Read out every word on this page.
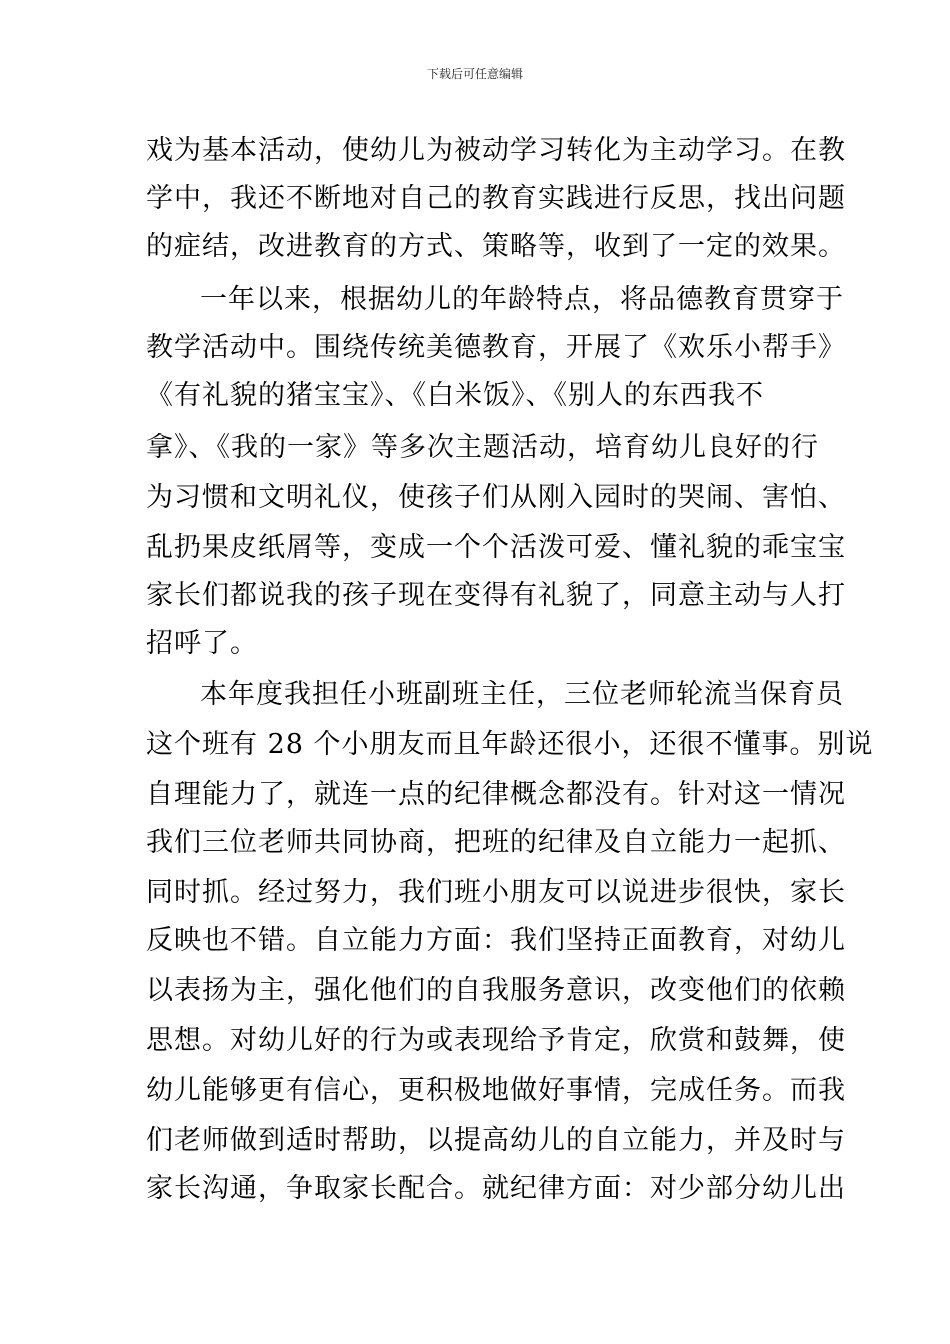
下载后可任意编辑
戏为基本活动，使幼儿为被动学习转化为主动学习。在教
学中，我还不断地对自己的教育实践进行反思，找出问题
的症结，改进教育的方式、策略等，收到了一定的效果。
一年以来，根据幼儿的年龄特点，将品德教育贯穿于
教学活动中。围绕传统美德教育，开展了《欢乐小帮手》
《有礼貌的猪宝宝》、《白米饭》、《别人的东西我不
拿》、《我的一家》等多次主题活动，培育幼儿良好的行
为习惯和文明礼仪，使孩子们从刚入园时的哭闹、害怕、
乱扔果皮纸屑等，变成一个个活泼可爱、懂礼貌的乖宝宝
家长们都说我的孩子现在变得有礼貌了，同意主动与人打
招呼了。
本年度我担任小班副班主任，三位老师轮流当保育员
这个班有 28 个小朋友而且年龄还很小，还很不懂事。别说
自理能力了，就连一点的纪律概念都没有。针对这一情况
我们三位老师共同协商，把班的纪律及自立能力一起抓、
同时抓。经过努力，我们班小朋友可以说进步很快，家长
反映也不错。自立能力方面：我们坚持正面教育，对幼儿
以表扬为主，强化他们的自我服务意识，改变他们的依赖
思想。对幼儿好的行为或表现给予肯定，欣赏和鼓舞，使
幼儿能够更有信心，更积极地做好事情，完成任务。而我
们老师做到适时帮助，以提高幼儿的自立能力，并及时与
家长沟通，争取家长配合。就纪律方面：对少部分幼儿出
